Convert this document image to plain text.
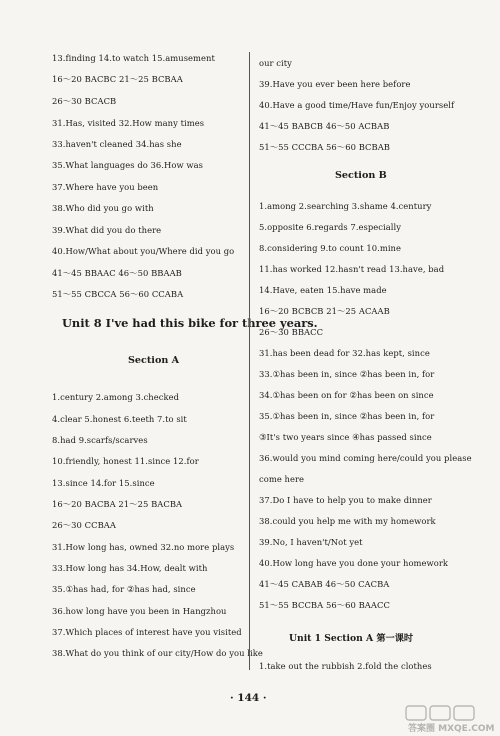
13.finding 14.to watch 15.amusement
16～20 BACBC 21～25 BCBAA
26～30 BCACB
31.Has, visited 32.How many times
33.haven't cleaned 34.has she
35.What languages do 36.How was
37.Where have you been
38.Who did you go with
39.What did you do there
40.How/What about you/Where did you go
41～45 BBAAC 46～50 BBAAB
51～55 CBCCA 56～60 CCABA
Unit 8 I've had this bike for three years.
Section A
1.century 2.among 3.checked
4.clear 5.honest 6.teeth 7.to sit
8.had 9.scarfs/scarves
10.friendly, honest 11.since 12.for
13.since 14.for 15.since
16～20 BACBA 21～25 BACBA
26～30 CCBAA
31.How long has, owned 32.no more plays
33.How long has 34.How, dealt with
35.①has had, for ②has had, since
36.how long have you been in Hangzhou
37.Which places of interest have you visited
38.What do you think of our city/How do you like
our city
39.Have you ever been here before
40.Have a good time/Have fun/Enjoy yourself
41～45 BABCB 46～50 ACBAB
51～55 CCCBA 56～60 BCBAB
Section B
1.among 2.searching 3.shame 4.century
5.opposite 6.regards 7.especially
8.considering 9.to count 10.mine
11.has worked 12.hasn't read 13.have, bad
14.Have, eaten 15.have made
16～20 BCBCB 21～25 ACAAB
26～30 BBACC
31.has been dead for 32.has kept, since
33.①has been in, since ②has been in, for
34.①has been on for ②has been on since
35.①has been in, since ②has been in, for
③It's two years since ④has passed since
36.would you mind coming here/could you please
come here
37.Do I have to help you to make dinner
38.could you help me with my homework
39.No, I haven't/Not yet
40.How long have you done your homework
41～45 CABAB 46～50 CACBA
51～55 BCCBA 56～60 BAACC
Unit 1 Section A 第一课时
1.take out the rubbish 2.fold the clothes
· 144 ·
答案圈 MXQE.COM
